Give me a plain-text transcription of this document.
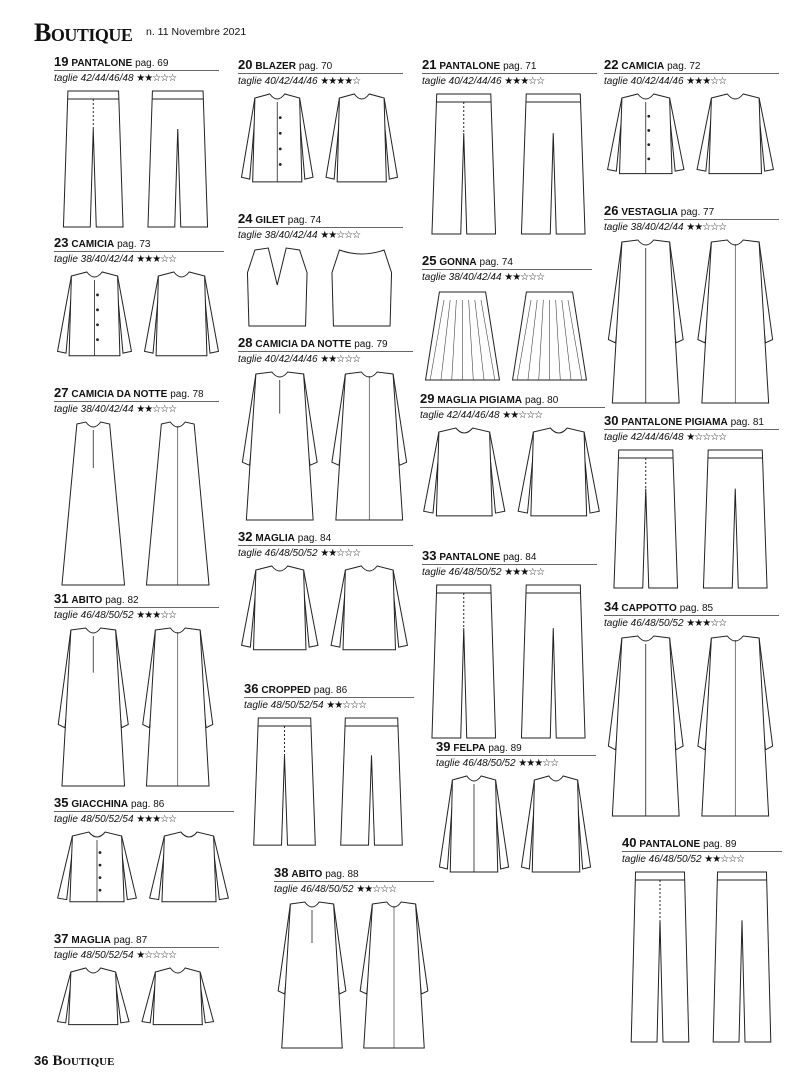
Boutique n. 11 Novembre 2021
19 PANTALONE pag. 69
taglie 42/44/46/48 ★★☆☆☆
20 BLAZER pag. 70
taglie 40/42/44/46 ★★★★☆
21 PANTALONE pag. 71
taglie 40/42/44/46 ★★★☆☆
22 CAMICIA pag. 72
taglie 40/42/44/46 ★★★☆☆
23 CAMICIA pag. 73
taglie 38/40/42/44 ★★★☆☆
24 GILET pag. 74
taglie 38/40/42/44 ★★☆☆☆
25 GONNA pag. 74
taglie 38/40/42/44 ★★☆☆☆
26 VESTAGLIA pag. 77
taglie 38/40/42/44 ★★☆☆☆
27 CAMICIA DA NOTTE pag. 78
taglie 38/40/42/44 ★★☆☆☆
28 CAMICIA DA NOTTE pag. 79
taglie 40/42/44/46 ★★☆☆☆
29 MAGLIA PIGIAMA pag. 80
taglie 42/44/46/48 ★★☆☆☆	30 PANTALONE PIGIAMA pag. 81
taglie 42/44/46/48 ★☆☆☆☆
31 ABITO pag. 82
taglie 46/48/50/52 ★★★☆☆
32 MAGLIA pag. 84
taglie 46/48/50/52 ★★☆☆☆	33 PANTALONE pag. 84
taglie 46/48/50/52 ★★★☆☆
34 CAPPOTTO pag. 85
taglie 46/48/50/52 ★★★☆☆
35 GIACCHINA pag. 86
taglie 48/50/52/54 ★★★☆☆
36 CROPPED pag. 86
taglie 48/50/52/54 ★★☆☆☆
37 MAGLIA pag. 87
taglie 48/50/52/54 ★☆☆☆☆
38 ABITO pag. 88
taglie 46/48/50/52 ★★☆☆☆
39 FELPA pag. 89
taglie 46/48/50/52 ★★★☆☆
40 PANTALONE pag. 89
taglie 46/48/50/52 ★★☆☆☆
36 Boutique
